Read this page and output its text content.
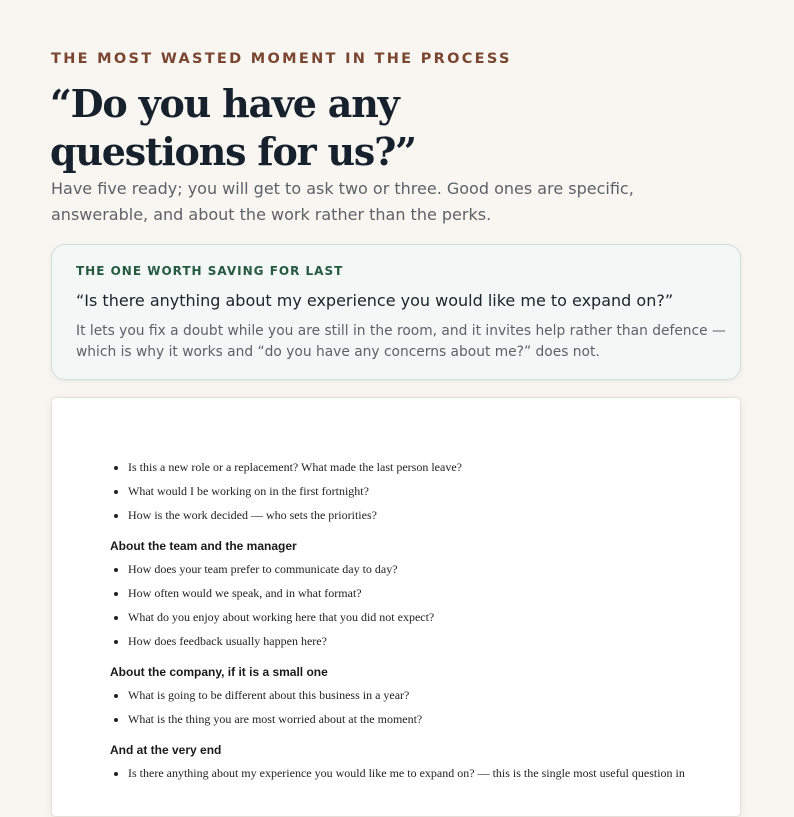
THE MOST WASTED MOMENT IN THE PROCESS
“Do you have any
questions for us?”

Have five ready; you will get to ask two or three. Good ones are specific, answerable, and about the work rather than the perks.

THE ONE WORTH SAVING FOR LAST
“Is there anything about my experience you would like me to expand on?”
It lets you fix a doubt while you are still in the room, and it invites help rather than defence — which is why it works and “do you have any concerns about me?” does not.
• Is this a new role or a replacement? What made the last person leave?
• What would I be working on in the first fortnight?
• How is the work decided — who sets the priorities?
About the team and the manager
• How does your team prefer to communicate day to day?
• How often would we speak, and in what format?
• What do you enjoy about working here that you did not expect?
• How does feedback usually happen here?
About the company, if it is a small one
• What is going to be different about this business in a year?
• What is the thing you are most worried about at the moment?
And at the very end
• Is there anything about my experience you would like me to expand on? — this is the single most useful question in
